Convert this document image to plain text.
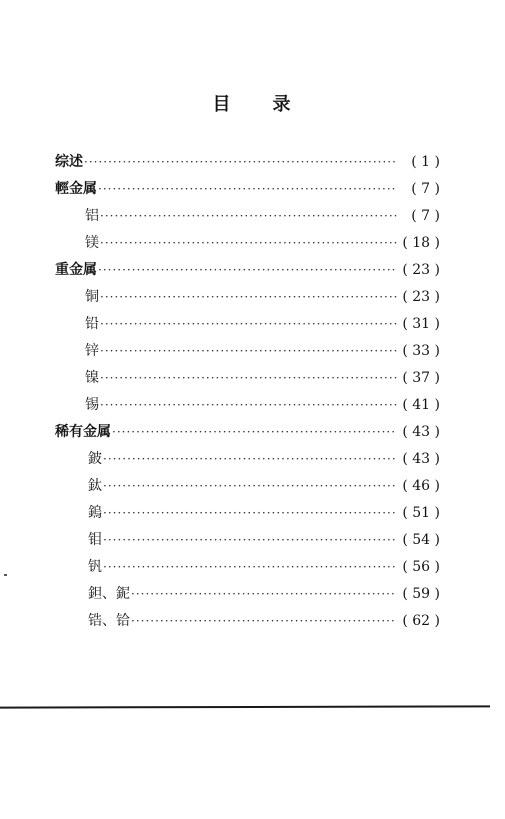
目 录
综述 ·····	( 1 )
輕金属 ·····	( 7 )
铝 ·····	( 7 )
镁 ·····	( 18 )
重金属 ·····	( 23 )
铜 ·····	( 23 )
铅 ·····	( 31 )
锌 ·····	( 33 )
镍 ·····	( 37 )
锡 ·····	( 41 )
稀有金属 ·····	( 43 )
鈹 ·····	( 43 )
鈦 ·····	( 46 )
鎢 ·····	( 51 )
钼 ·····	( 54 )
钒 ·····	( 56 )
鉭、鈮 ·····	( 59 )
锆、铪 ·····	( 62 )
